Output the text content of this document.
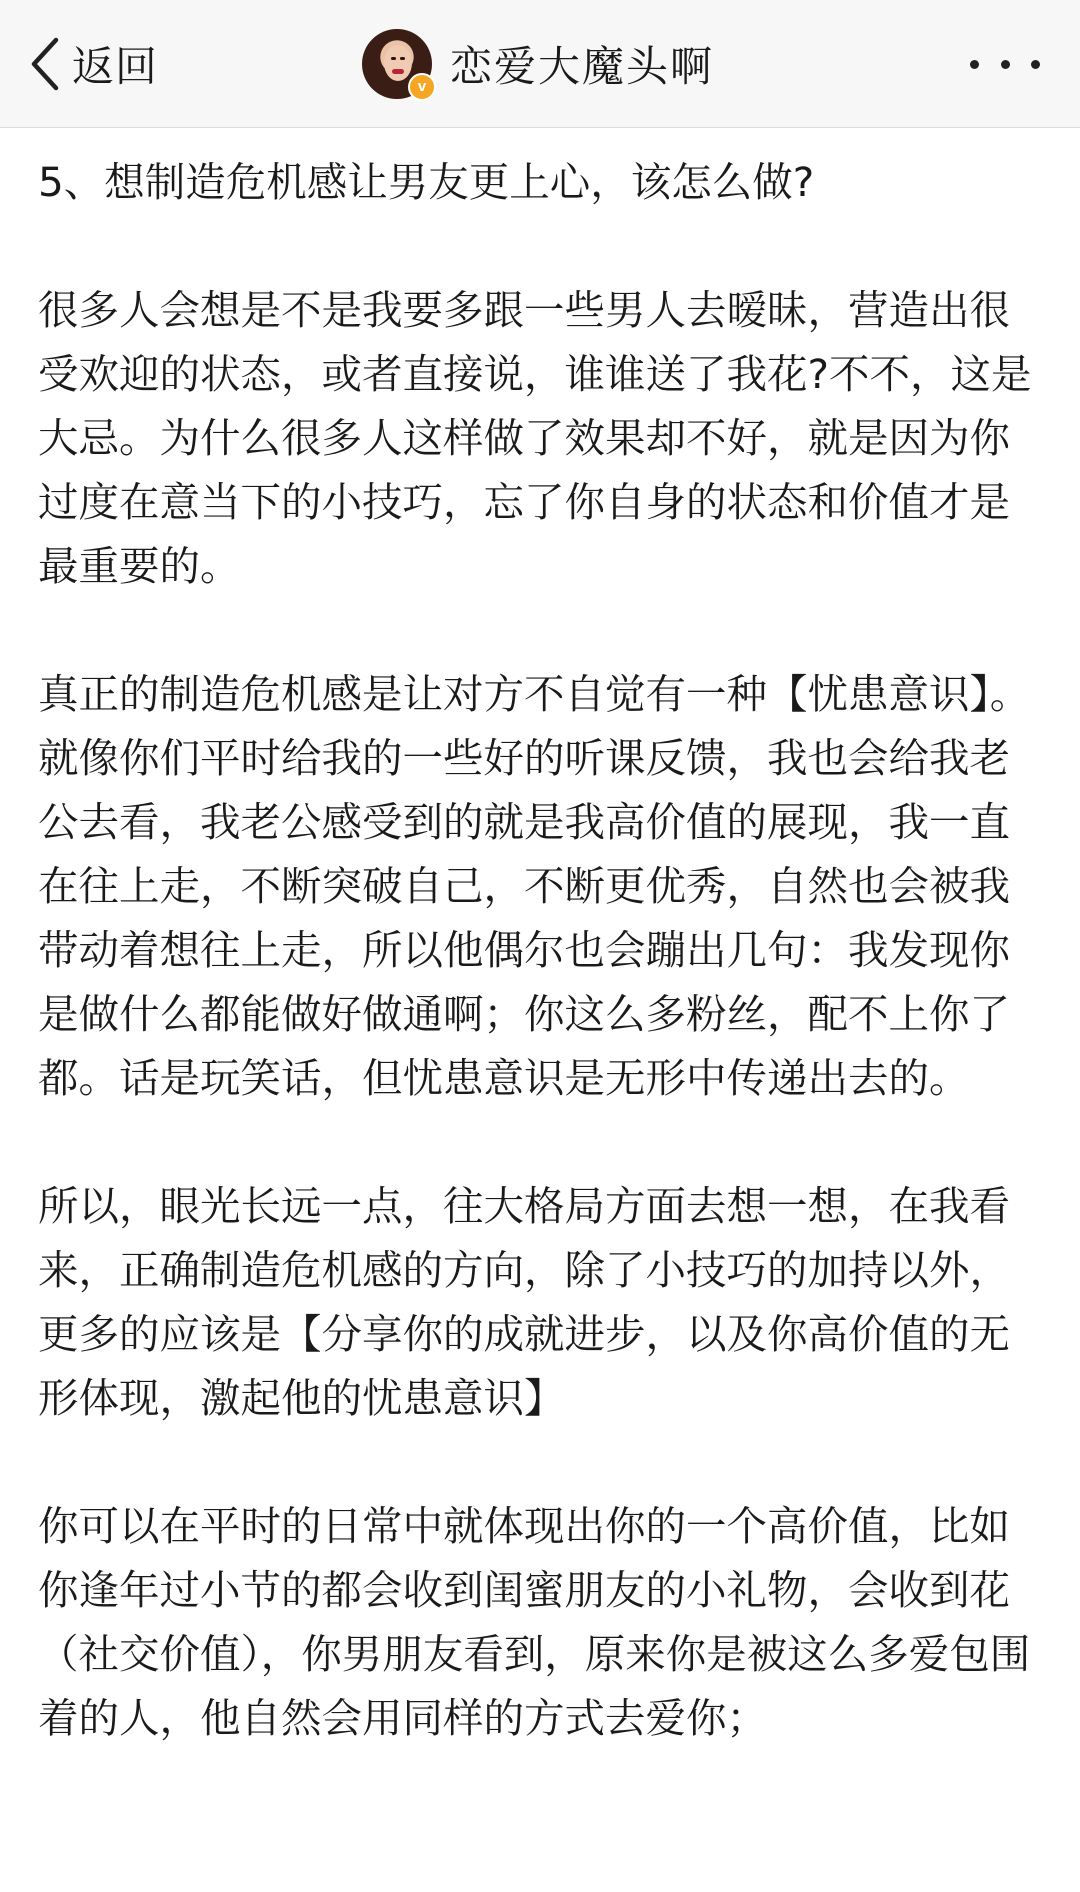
返回	v 恋爱大魔头啊

5、想制造危机感让男友更上心，该怎么做?

很多人会想是不是我要多跟一些男人去暧昧，营造出很受欢迎的状态，或者直接说，谁谁送了我花?不不，这是大忌。为什么很多人这样做了效果却不好，就是因为你过度在意当下的小技巧，忘了你自身的状态和价值才是最重要的。

真正的制造危机感是让对方不自觉有一种【忧患意识】。就像你们平时给我的一些好的听课反馈，我也会给我老公去看，我老公感受到的就是我高价值的展现，我一直在往上走，不断突破自己，不断更优秀，自然也会被我带动着想往上走，所以他偶尔也会蹦出几句：我发现你是做什么都能做好做通啊；你这么多粉丝，配不上你了都。话是玩笑话，但忧患意识是无形中传递出去的。

所以，眼光长远一点，往大格局方面去想一想，在我看来，正确制造危机感的方向，除了小技巧的加持以外，更多的应该是【分享你的成就进步，以及你高价值的无形体现，激起他的忧患意识】

你可以在平时的日常中就体现出你的一个高价值，比如你逢年过小节的都会收到闺蜜朋友的小礼物，会收到花（社交价值），你男朋友看到，原来你是被这么多爱包围着的人，他自然会用同样的方式去爱你；
